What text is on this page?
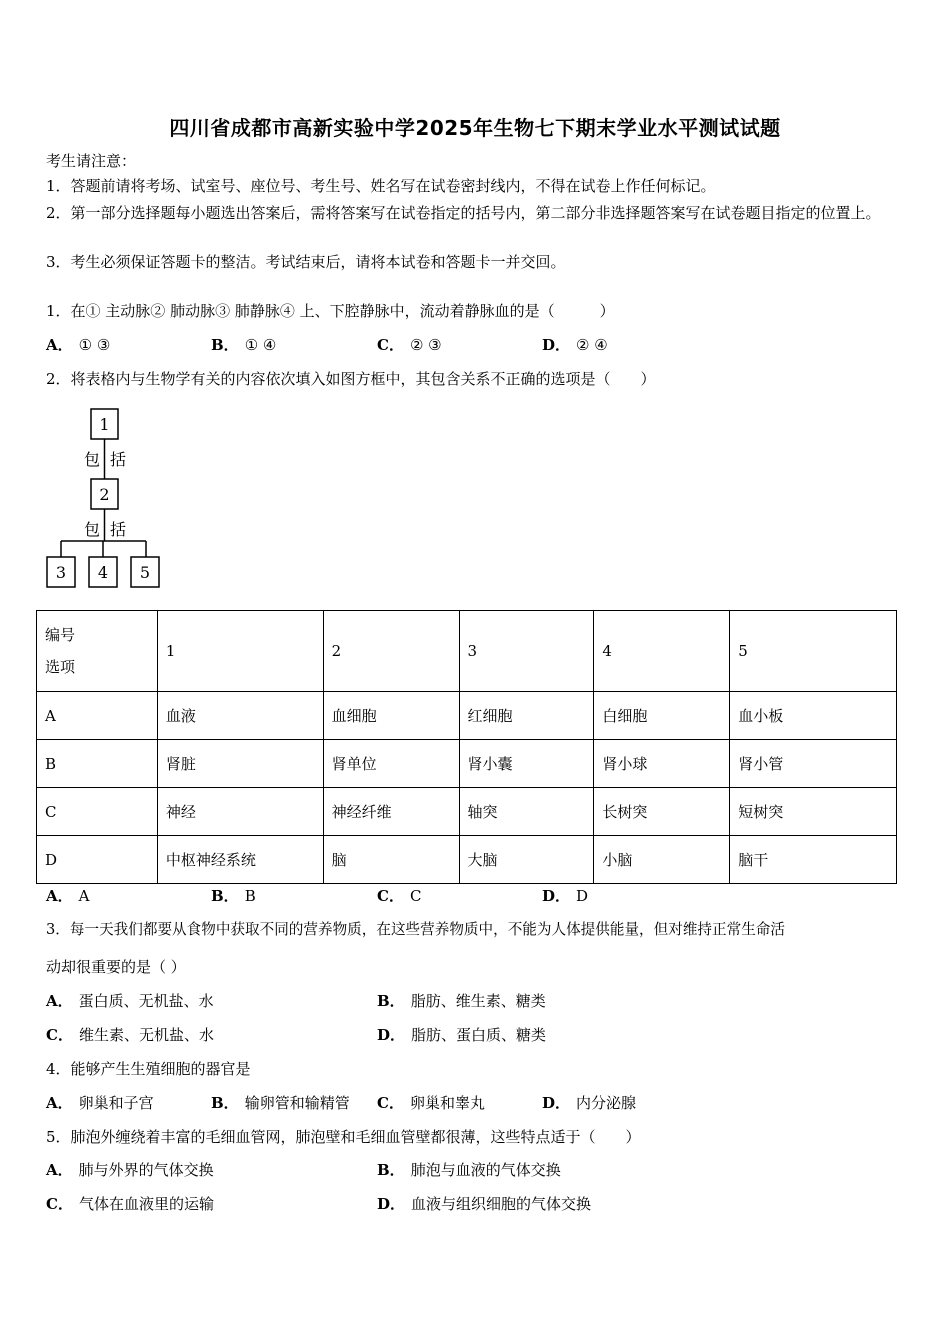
四川省成都市高新实验中学2025年生物七下期末学业水平测试试题
考生请注意：
1．答题前请将考场、试室号、座位号、考生号、姓名写在试卷密封线内，不得在试卷上作任何标记。
2．第一部分选择题每小题选出答案后，需将答案写在试卷指定的括号内，第二部分非选择题答案写在试卷题目指定的位置上。
3．考生必须保证答题卡的整洁。考试结束后，请将本试卷和答题卡一并交回。
1．在① 主动脉② 肺动脉③ 肺静脉④ 上、下腔静脉中，流动着静脉血的是（　　　）
A． ① ③	B． ① ④	C． ② ③	D． ② ④
2．将表格内与生物学有关的内容依次填入如图方框中，其包含关系不正确的选项是（　　）
1
2
3 4 5
包 括
包 括
编号
选项	1	2	3	4	5
A	血液	血细胞	红细胞	白细胞	血小板
B	肾脏	肾单位	肾小囊	肾小球	肾小管
C	神经	神经纤维	轴突	长树突	短树突
D	中枢神经系统	脑	大脑	小脑	脑干
A． A	B． B	C． C	D． D
3．每一天我们都要从食物中获取不同的营养物质，在这些营养物质中，不能为人体提供能量，但对维持正常生命活
动却很重要的是（ ）
A． 蛋白质、无机盐、水	B． 脂肪、维生素、糖类
C． 维生素、无机盐、水	D． 脂肪、蛋白质、糖类
4．能够产生生殖细胞的器官是
A． 卵巢和子宫	B． 输卵管和输精管 C． 卵巢和睾丸	D． 内分泌腺
5．肺泡外缠绕着丰富的毛细血管网，肺泡壁和毛细血管壁都很薄，这些特点适于（　　）
A． 肺与外界的气体交换	B． 肺泡与血液的气体交换
C． 气体在血液里的运输	D． 血液与组织细胞的气体交换
